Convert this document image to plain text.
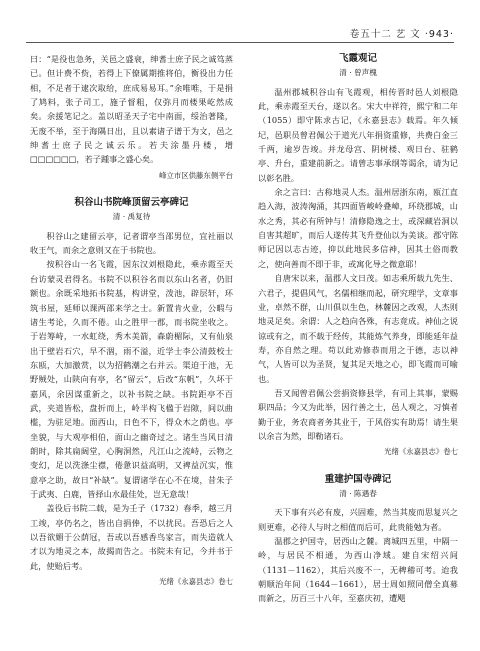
卷五十二 艺 文 ·943·

曰：“是役也急务，关邑之盛衰，绅耆士庶子民之诚笃蒸已。但计费不赀，若得上下僚属期推将伯，衡役出力任相，不足者于逮次取给，庶成易易耳。”余唯唯，于是捐了鸠料，张子司工，施子督粗，仅弥月而楼果屹然成矣。余援笔记之。盖以昭圣天子宅中南面，绥治著隆，无废不举，至于海隅日出，且以素诸子谱于为文，邑之绅耆士庶子民之诚云乐。若夫涂墨丹楼，增□□□□□□，若子踵事之盛心矣。

峰立市区供藤东侧平台
积谷山书院峰顶留云亭碑记
清 · 禹复待

积谷山之建留云亭，记者谓亭当邵男位，宜社丽以收王气，而余之意则又在于书院也。

按积谷山一名飞霞，因东汉刘根隐此，乘赤霞至天台访蒙灵君得名。书院不以积谷名而以东山名者，仍旧额也。余既采地拓书院基，构讲堂，泼池，辟层轩，环筑书屋，延师以课两邵来学之士。新置肯火业，公暇与诸生考论，久而不倦。山之胜甲一郡，而书院坐收之。于岩筹峙，一水虹绕，秀木美箭，森蔚楣际，又有仙泉出于壁岩石穴，早不涸，雨不溢，近学士李公清鼓校士东瓯，大加激赏，以为招鹤潮之右并云。渠迫于池，无野贼处，山陕向有亭，名“留云”，后改“东帆”，久坏于嘉风，余因谋重新之，以补书院之缺。书院距亭不百武，夹道皆松，盘折而上，岭半构飞楹于岩隙，间以曲槛，为驻足地。面西山，日色不下，得众木之荫也。亭坐貌，与大观亭相伯，面山之幽奇过之。诸生当风日清朗时，除其扁阔堂，心胸洞然，凡江山之流峙，云物之变幻，足以洗涤尘襟，倦惫识益高明，又裨益沉实，惟意亭之助，故日“补缺”。复谓诸学在心不在境，昔朱子于武夷、白鹿，皆择山水最佳处，岂无意哉！

盖役后书院二载，是为壬子（1732）春季，越三月工竣，亭仍名之，皆出自捐俸，不以扰民。吾恐后之人以吾欲媚于公荫冠，吾或以吾感香鸟家言，而失造就人才以为地灵之本，故揭而告之。书院未有记，今并书于此，使贻后考。

光绪《永嘉县志》卷七
飞霞观记
清 · 曾声槐

温州郡城积谷山有飞霞观，相传晋时邑人刘根隐此，乘赤霞至天台，遂以名。宋大中祥符，熙宁和二年（1055）即守陈求古记，《永嘉县志》载焉。年久倾圮，邑职员曾君佩公于道光八年捐资重修，共费白金三千两，逾岁告竣。并龙母宫、阴树楼、观日台、驻鹤亭、升台，重建前新之。请曾志事承纲等谒余，请为记以彰名胜。

余之言曰：古称地灵人杰。温州居浙东南，瓯江直趋入海，波涛洶涌，其四面皆峻岭叠嶂，环绕郡城，山水之秀，其必有所钟与！清修隐逸之士，或深藏岩洞以自害其超旷，而后人遂传其飞升登仙以为美谈。郡守陈师记因以志古迹，抑以此地民多信神，因其土俗而教之，使向善而不即于非，或寓化导之微意耶！

自唐宋以来，温郡人文日茂。如志乘所载九先生、六君子，提倡风气，名儒相继而起，研究理学，文章事业，卓然不群，山川俱以生色，林麓因之改观，人杰则地灵足矣。余谓：人之趋向各殊，有志竟成。神仙之说谅或有之，而不载于经传，其能炼气养身，即能延年益寿，亦自然之理。苟以此劝修恭而用之于德，志以神气，人皆可以为圣贤，复其足天地之心，即飞霞而可喻也。

吾又闻曾君佩公尝捐资修县学，有司上其事，蒙赐职四品；今又为此举，因行善之士，邑人观之，习慎者勤于业，务农商者务其业于，于风俗实有助焉！请生果以余言为然，即勒诸石。

光绪《永嘉县志》卷七
重建护国寺碑记
清 · 陈遇春

天下事有兴必有废，兴固难，然当其废而思复兴之则更难，必待人与时之相值而后可，此贵能勉为者。

温郡之护国寺，居西山之麓。离城四五里，中隔一岭，与居民不相通，为西山净域。建自宋绍兴间（1131－1162），其后兴废不一，无稗稽可考。迨我朝顺治年间（1644－1661），居士周如照同僧全真募而新之，历百三十八年，至嘉庆初，遭飓
